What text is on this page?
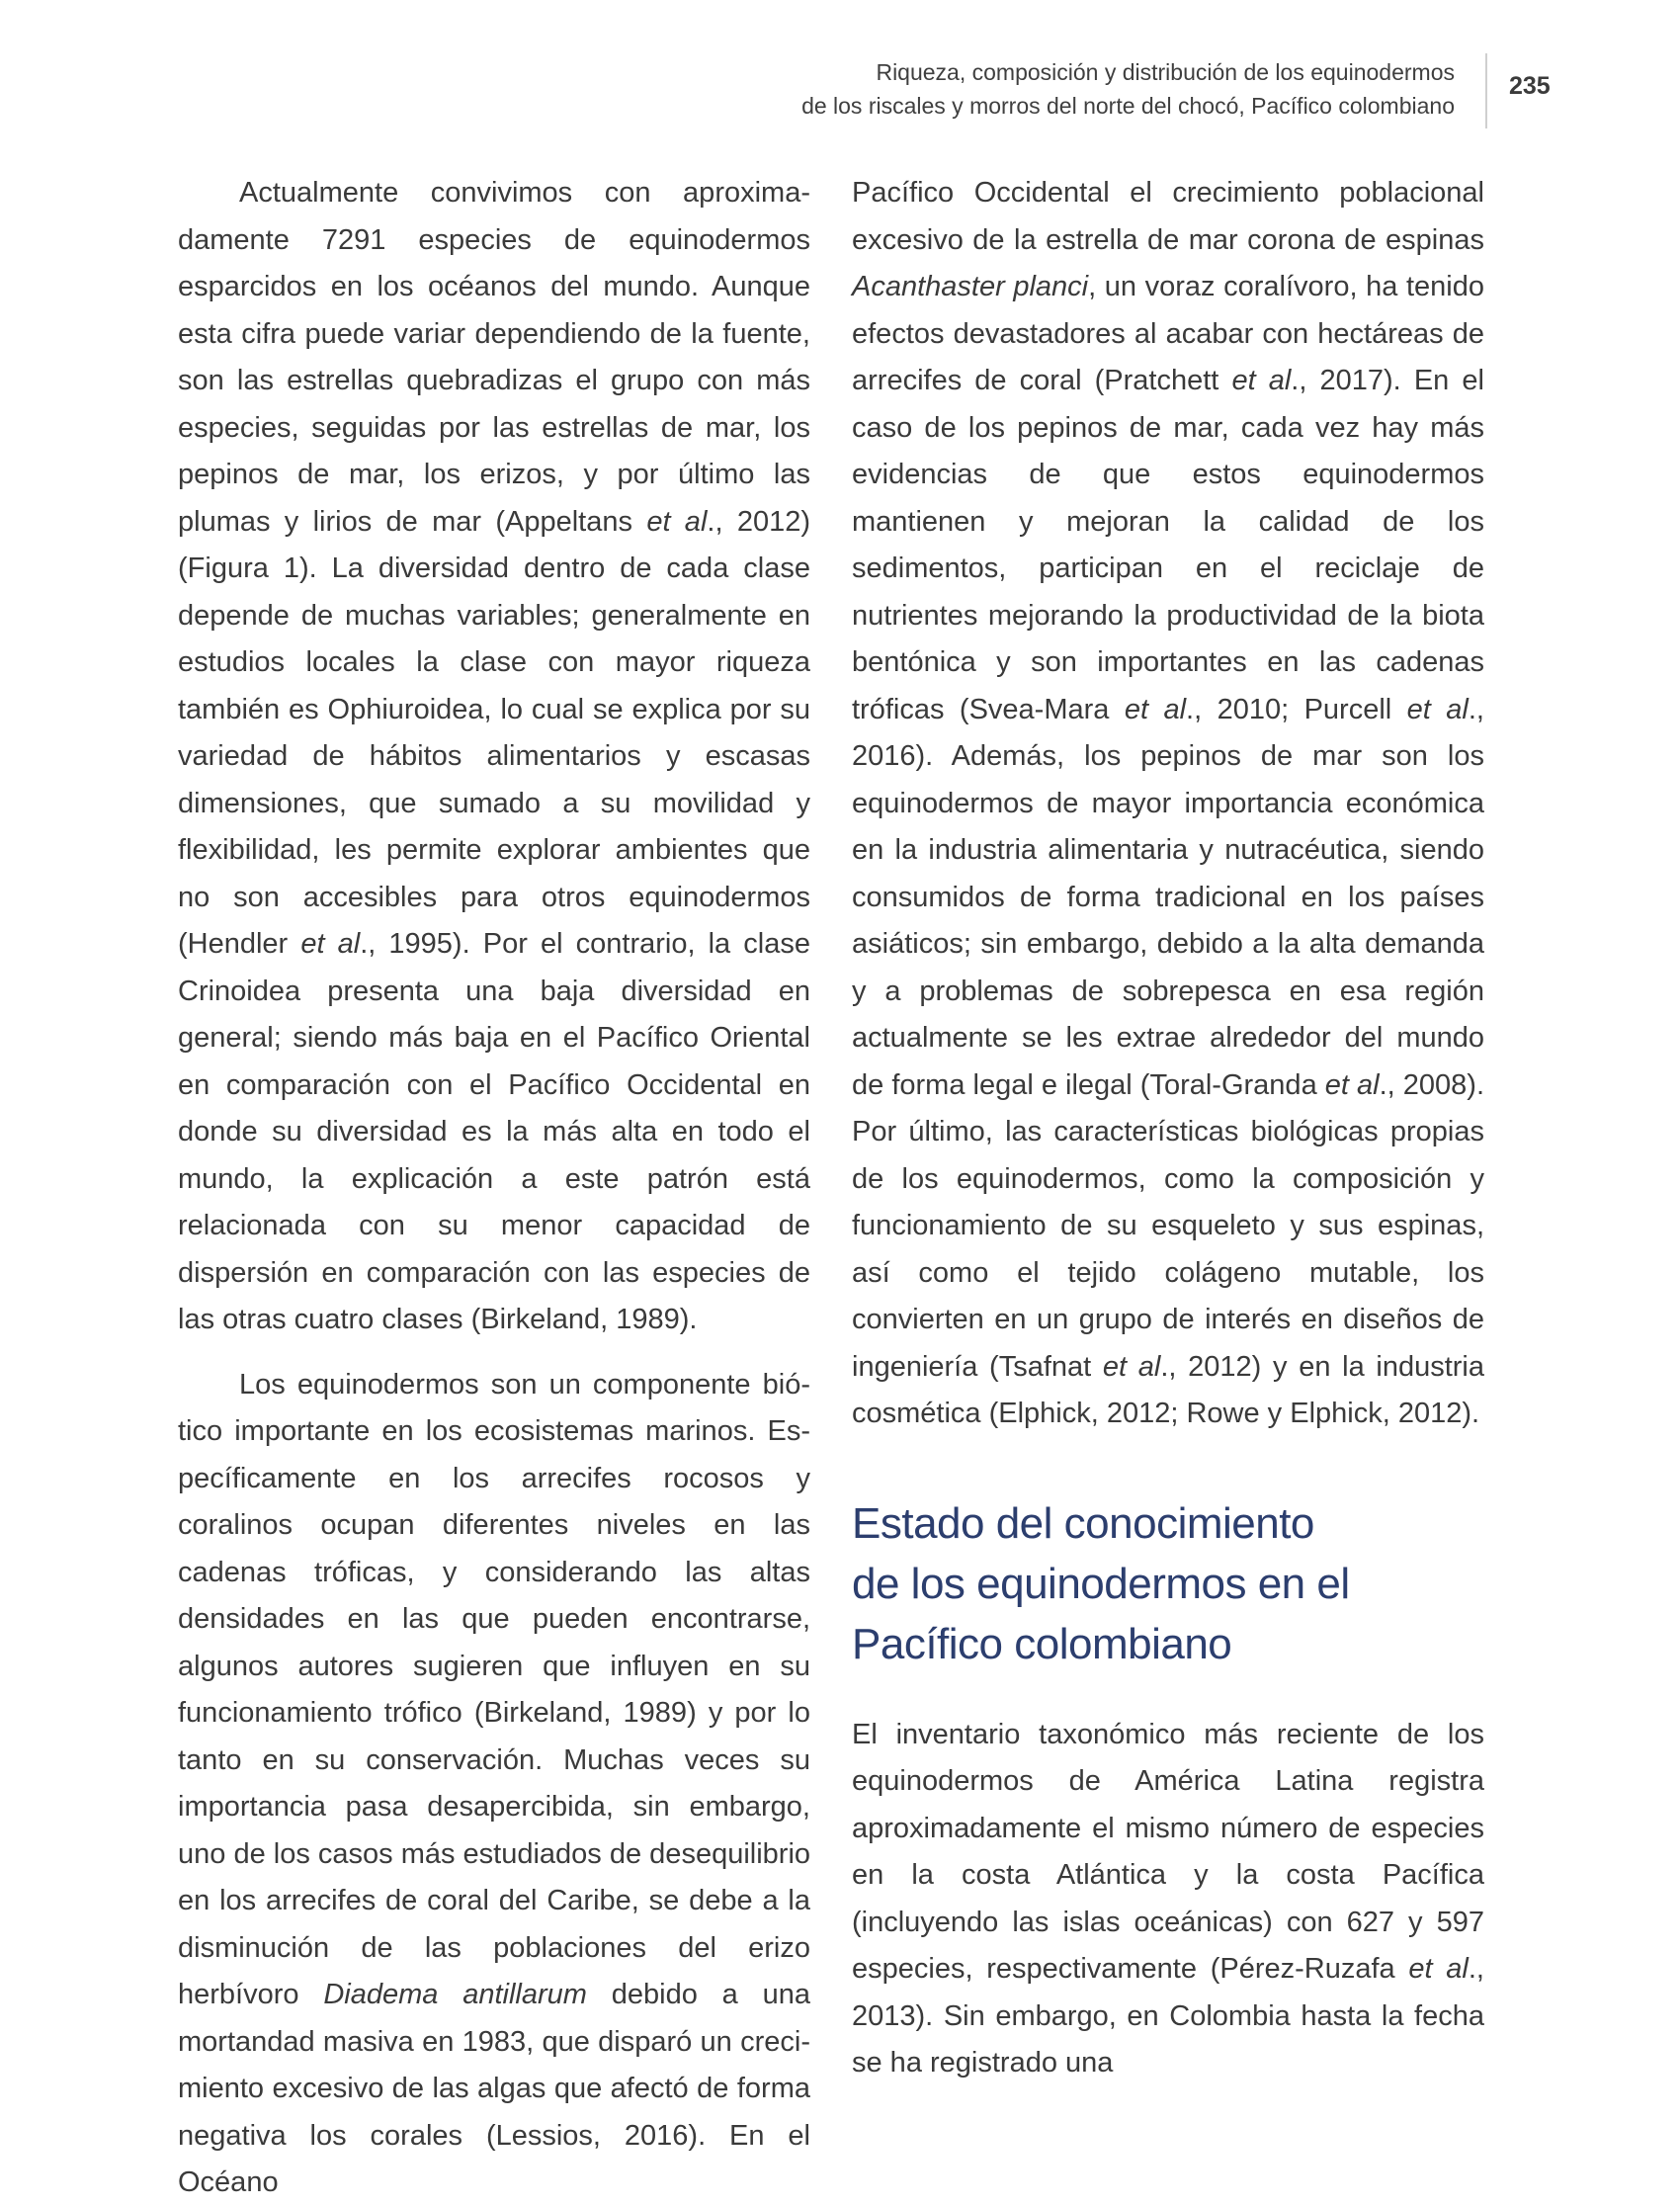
Riqueza, composición y distribución de los equinodermos
de los riscales y morros del norte del chocó, Pacífico colombiano
235

Actualmente convivimos con aproximadamente 7291 especies de equinodermos esparcidos en los océanos del mundo. Aunque esta cifra puede variar dependiendo de la fuente, son las estrellas quebradizas el grupo con más especies, seguidas por las estrellas de mar, los pepinos de mar, los erizos, y por último las plumas y lirios de mar (Appeltans et al., 2012) (Figura 1). La diversidad dentro de cada clase depende de muchas variables; generalmente en estudios locales la clase con mayor riqueza también es Ophiuroidea, lo cual se explica por su variedad de hábitos alimentarios y escasas dimensiones, que sumado a su movilidad y flexibilidad, les permite explorar ambientes que no son accesibles para otros equinodermos (Hendler et al., 1995). Por el contrario, la clase Crinoidea presenta una baja diversidad en general; siendo más baja en el Pacífico Oriental en comparación con el Pacífico Occidental en donde su diversidad es la más alta en todo el mundo, la explicación a este patrón está relacionada con su menor capacidad de dispersión en comparación con las especies de las otras cuatro clases (Birkeland, 1989).

Los equinodermos son un componente biótico importante en los ecosistemas marinos. Específicamente en los arrecifes rocosos y coralinos ocupan diferentes niveles en las cadenas tróficas, y considerando las altas densidades en las que pueden encontrarse, algunos autores sugieren que influyen en su funcionamiento trófico (Birkeland, 1989) y por lo tanto en su conservación. Muchas veces su importancia pasa desapercibida, sin embargo, uno de los casos más estudiados de desequilibrio en los arrecifes de coral del Caribe, se debe a la disminución de las poblaciones del erizo herbívoro Diadema antillarum debido a una mortandad masiva en 1983, que disparó un crecimiento excesivo de las algas que afectó de forma negativa los corales (Lessios, 2016). En el Océano

Pacífico Occidental el crecimiento poblacional excesivo de la estrella de mar corona de espinas Acanthaster planci, un voraz coralívoro, ha tenido efectos devastadores al acabar con hectáreas de arrecifes de coral (Pratchett et al., 2017). En el caso de los pepinos de mar, cada vez hay más evidencias de que estos equinodermos mantienen y mejoran la calidad de los sedimentos, participan en el reciclaje de nutrientes mejorando la productividad de la biota bentónica y son importantes en las cadenas tróficas (Svea-Mara et al., 2010; Purcell et al., 2016). Además, los pepinos de mar son los equinodermos de mayor importancia económica en la industria alimentaria y nutracéutica, siendo consumidos de forma tradicional en los países asiáticos; sin embargo, debido a la alta demanda y a problemas de sobrepesca en esa región actualmente se les extrae alrededor del mundo de forma legal e ilegal (Toral-Granda et al., 2008). Por último, las características biológicas propias de los equinodermos, como la composición y funcionamiento de su esqueleto y sus espinas, así como el tejido colágeno mutable, los convierten en un grupo de interés en diseños de ingeniería (Tsafnat et al., 2012) y en la industria cosmética (Elphick, 2012; Rowe y Elphick, 2012).

Estado del conocimiento
de los equinodermos en el
Pacífico colombiano

El inventario taxonómico más reciente de los equinodermos de América Latina registra aproximadamente el mismo número de especies en la costa Atlántica y la costa Pacífica (incluyendo las islas oceánicas) con 627 y 597 especies, respectivamente (Pérez-Ruzafa et al., 2013). Sin embargo, en Colombia hasta la fecha se ha registrado una
